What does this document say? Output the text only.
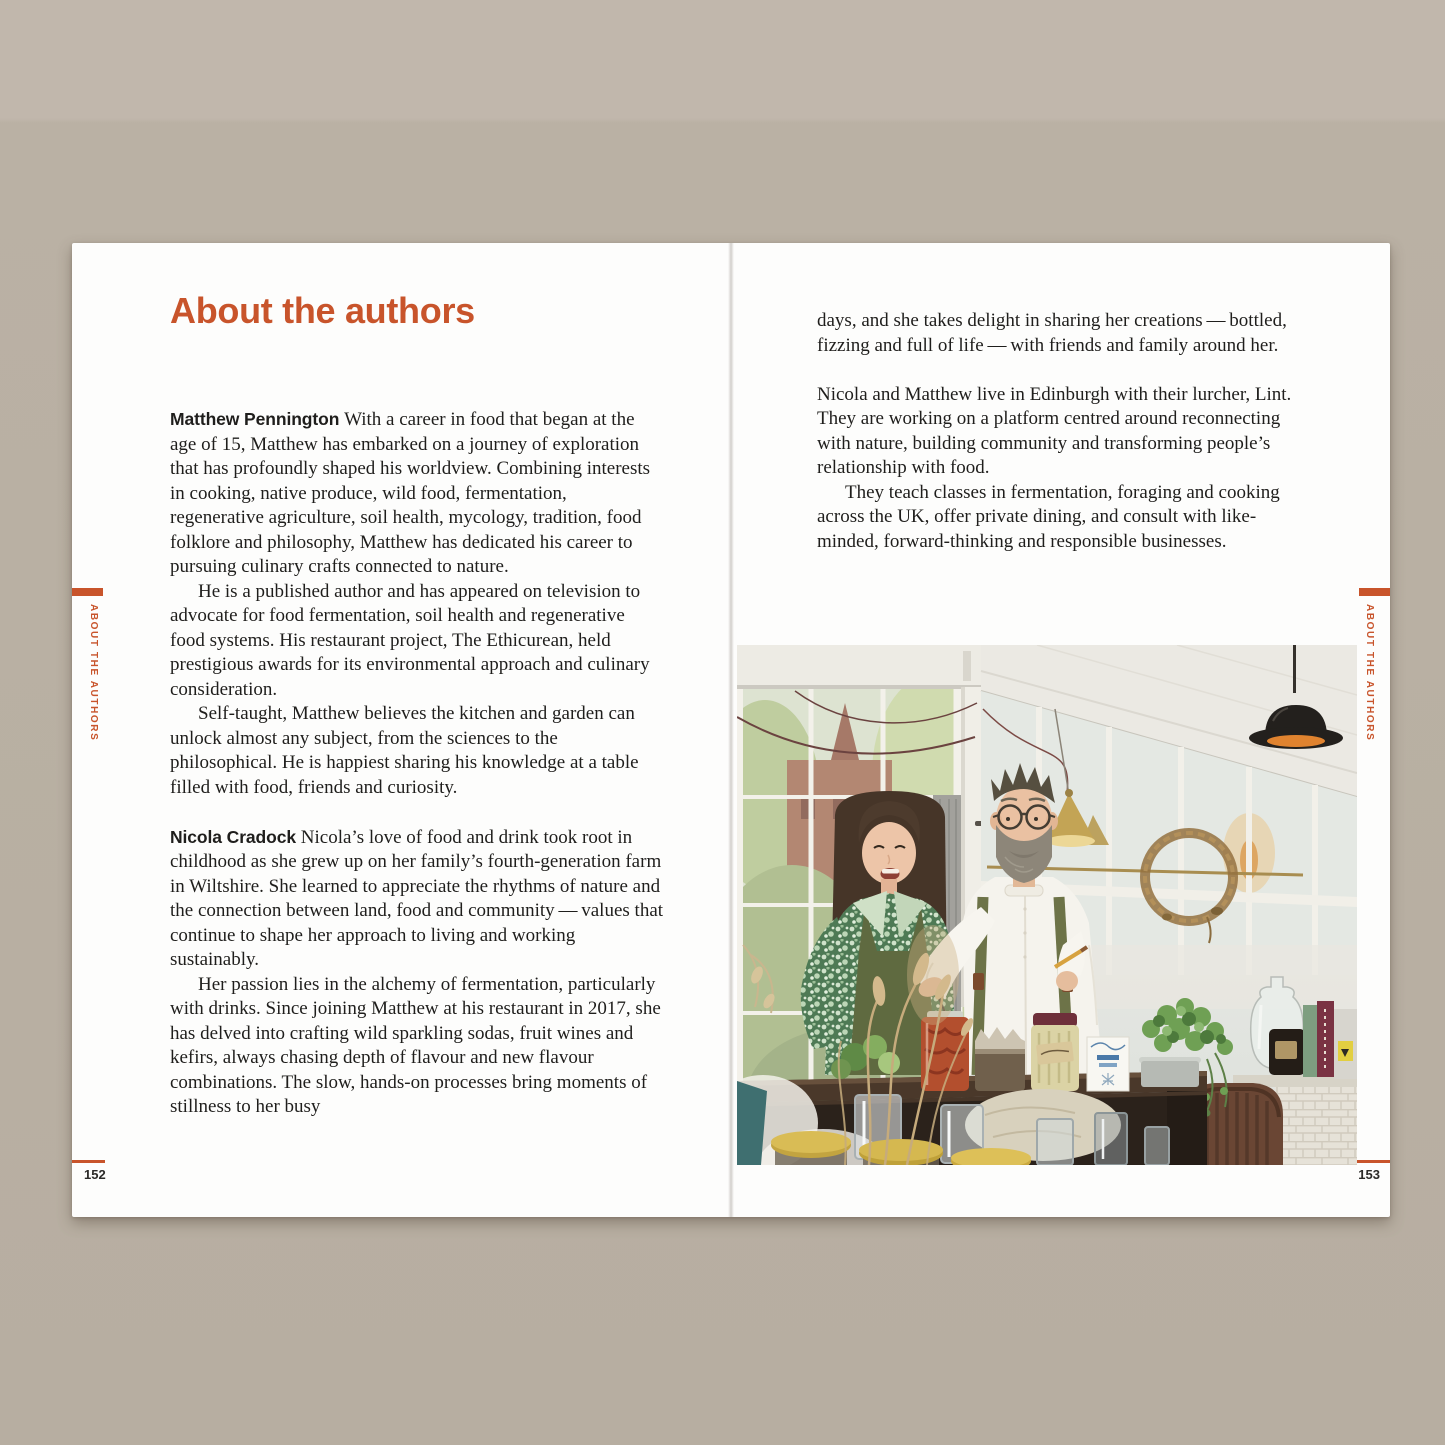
About the authors

Matthew Pennington With a career in food that began at the age of 15, Matthew has embarked on a journey of exploration that has profoundly shaped his worldview. Combining interests in cooking, native produce, wild food, fermentation, regenerative agriculture, soil health, mycology, tradition, food folklore and philosophy, Matthew has dedicated his career to pursuing culinary crafts connected to nature.

He is a published author and has appeared on television to advocate for food fermentation, soil health and regenerative food systems. His restaurant project, The Ethicurean, held prestigious awards for its environmental approach and culinary consideration.

Self-taught, Matthew believes the kitchen and garden can unlock almost any subject, from the sciences to the philosophical. He is happiest sharing his knowledge at a table filled with food, friends and curiosity.

Nicola Cradock Nicola’s love of food and drink took root in childhood as she grew up on her family’s fourth-generation farm in Wiltshire. She learned to appreciate the rhythms of nature and the connection between land, food and community — values that continue to shape her approach to living and working sustainably.

Her passion lies in the alchemy of fermentation, particularly with drinks. Since joining Matthew at his restaurant in 2017, she has delved into crafting wild sparkling sodas, fruit wines and kefirs, always chasing depth of flavour and new flavour combinations. The slow, hands-on processes bring moments of stillness to her busy

ABOUT THE AUTHORS
152

days, and she takes delight in sharing her creations — bottled, fizzing and full of life — with friends and family around her.

Nicola and Matthew live in Edinburgh with their lurcher, Lint. They are working on a platform centred around reconnecting with nature, building community and transforming people’s relationship with food.

They teach classes in fermentation, foraging and cooking across the UK, offer private dining, and consult with like-minded, forward-thinking and responsible businesses.

ABOUT THE AUTHORS
153
